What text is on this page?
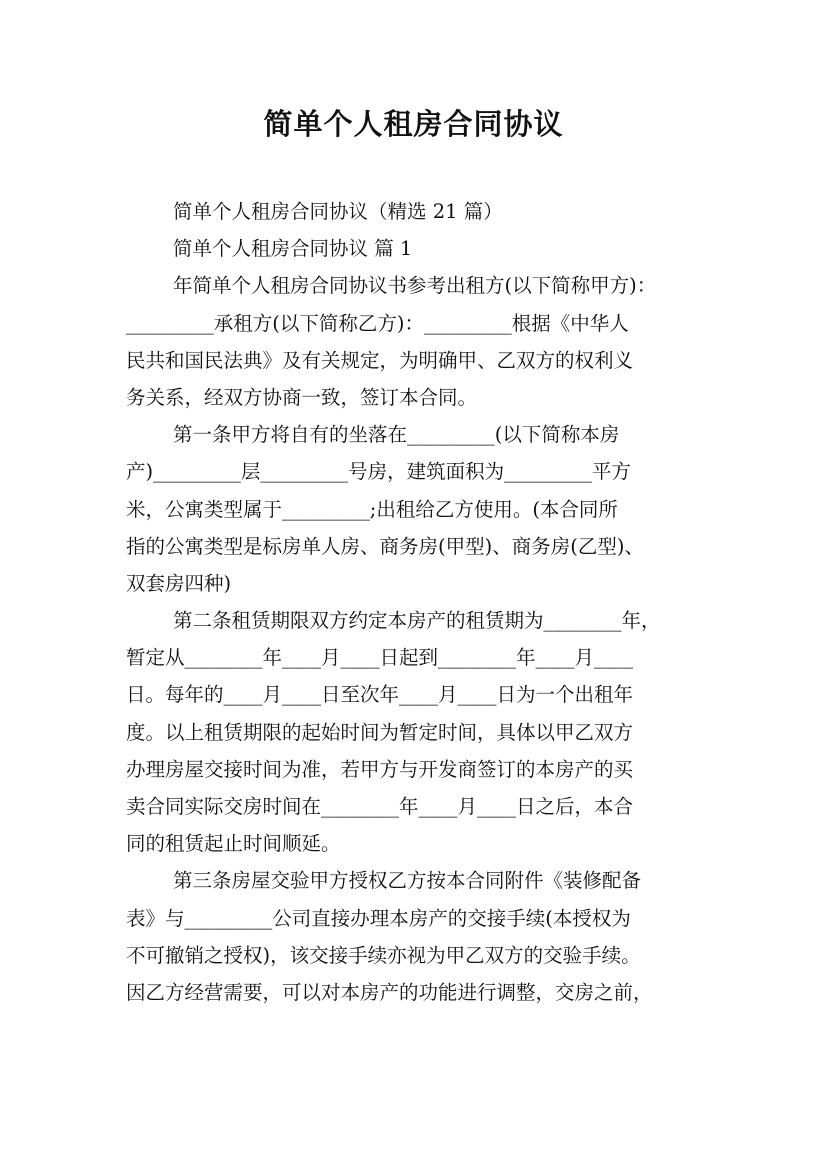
简单个人租房合同协议
简单个人租房合同协议（精选 21 篇）
简单个人租房合同协议 篇 1
年简单个人租房合同协议书参考出租方(以下简称甲方)：
_________承租方(以下简称乙方)：_________根据《中华人
民共和国民法典》及有关规定，为明确甲、乙双方的权利义
务关系，经双方协商一致，签订本合同。
第一条甲方将自有的坐落在_________(以下简称本房
产)_________层_________号房，建筑面积为_________平方
米，公寓类型属于_________;出租给乙方使用。(本合同所
指的公寓类型是标房单人房、商务房(甲型)、商务房(乙型)、
双套房四种)
第二条租赁期限双方约定本房产的租赁期为________年，
暂定从________年____月____日起到________年____月____
日。每年的____月____日至次年____月____日为一个出租年
度。以上租赁期限的起始时间为暂定时间，具体以甲乙双方
办理房屋交接时间为准，若甲方与开发商签订的本房产的买
卖合同实际交房时间在________年____月____日之后，本合
同的租赁起止时间顺延。
第三条房屋交验甲方授权乙方按本合同附件《装修配备
表》与_________公司直接办理本房产的交接手续(本授权为
不可撤销之授权)，该交接手续亦视为甲乙双方的交验手续。
因乙方经营需要，可以对本房产的功能进行调整，交房之前，
